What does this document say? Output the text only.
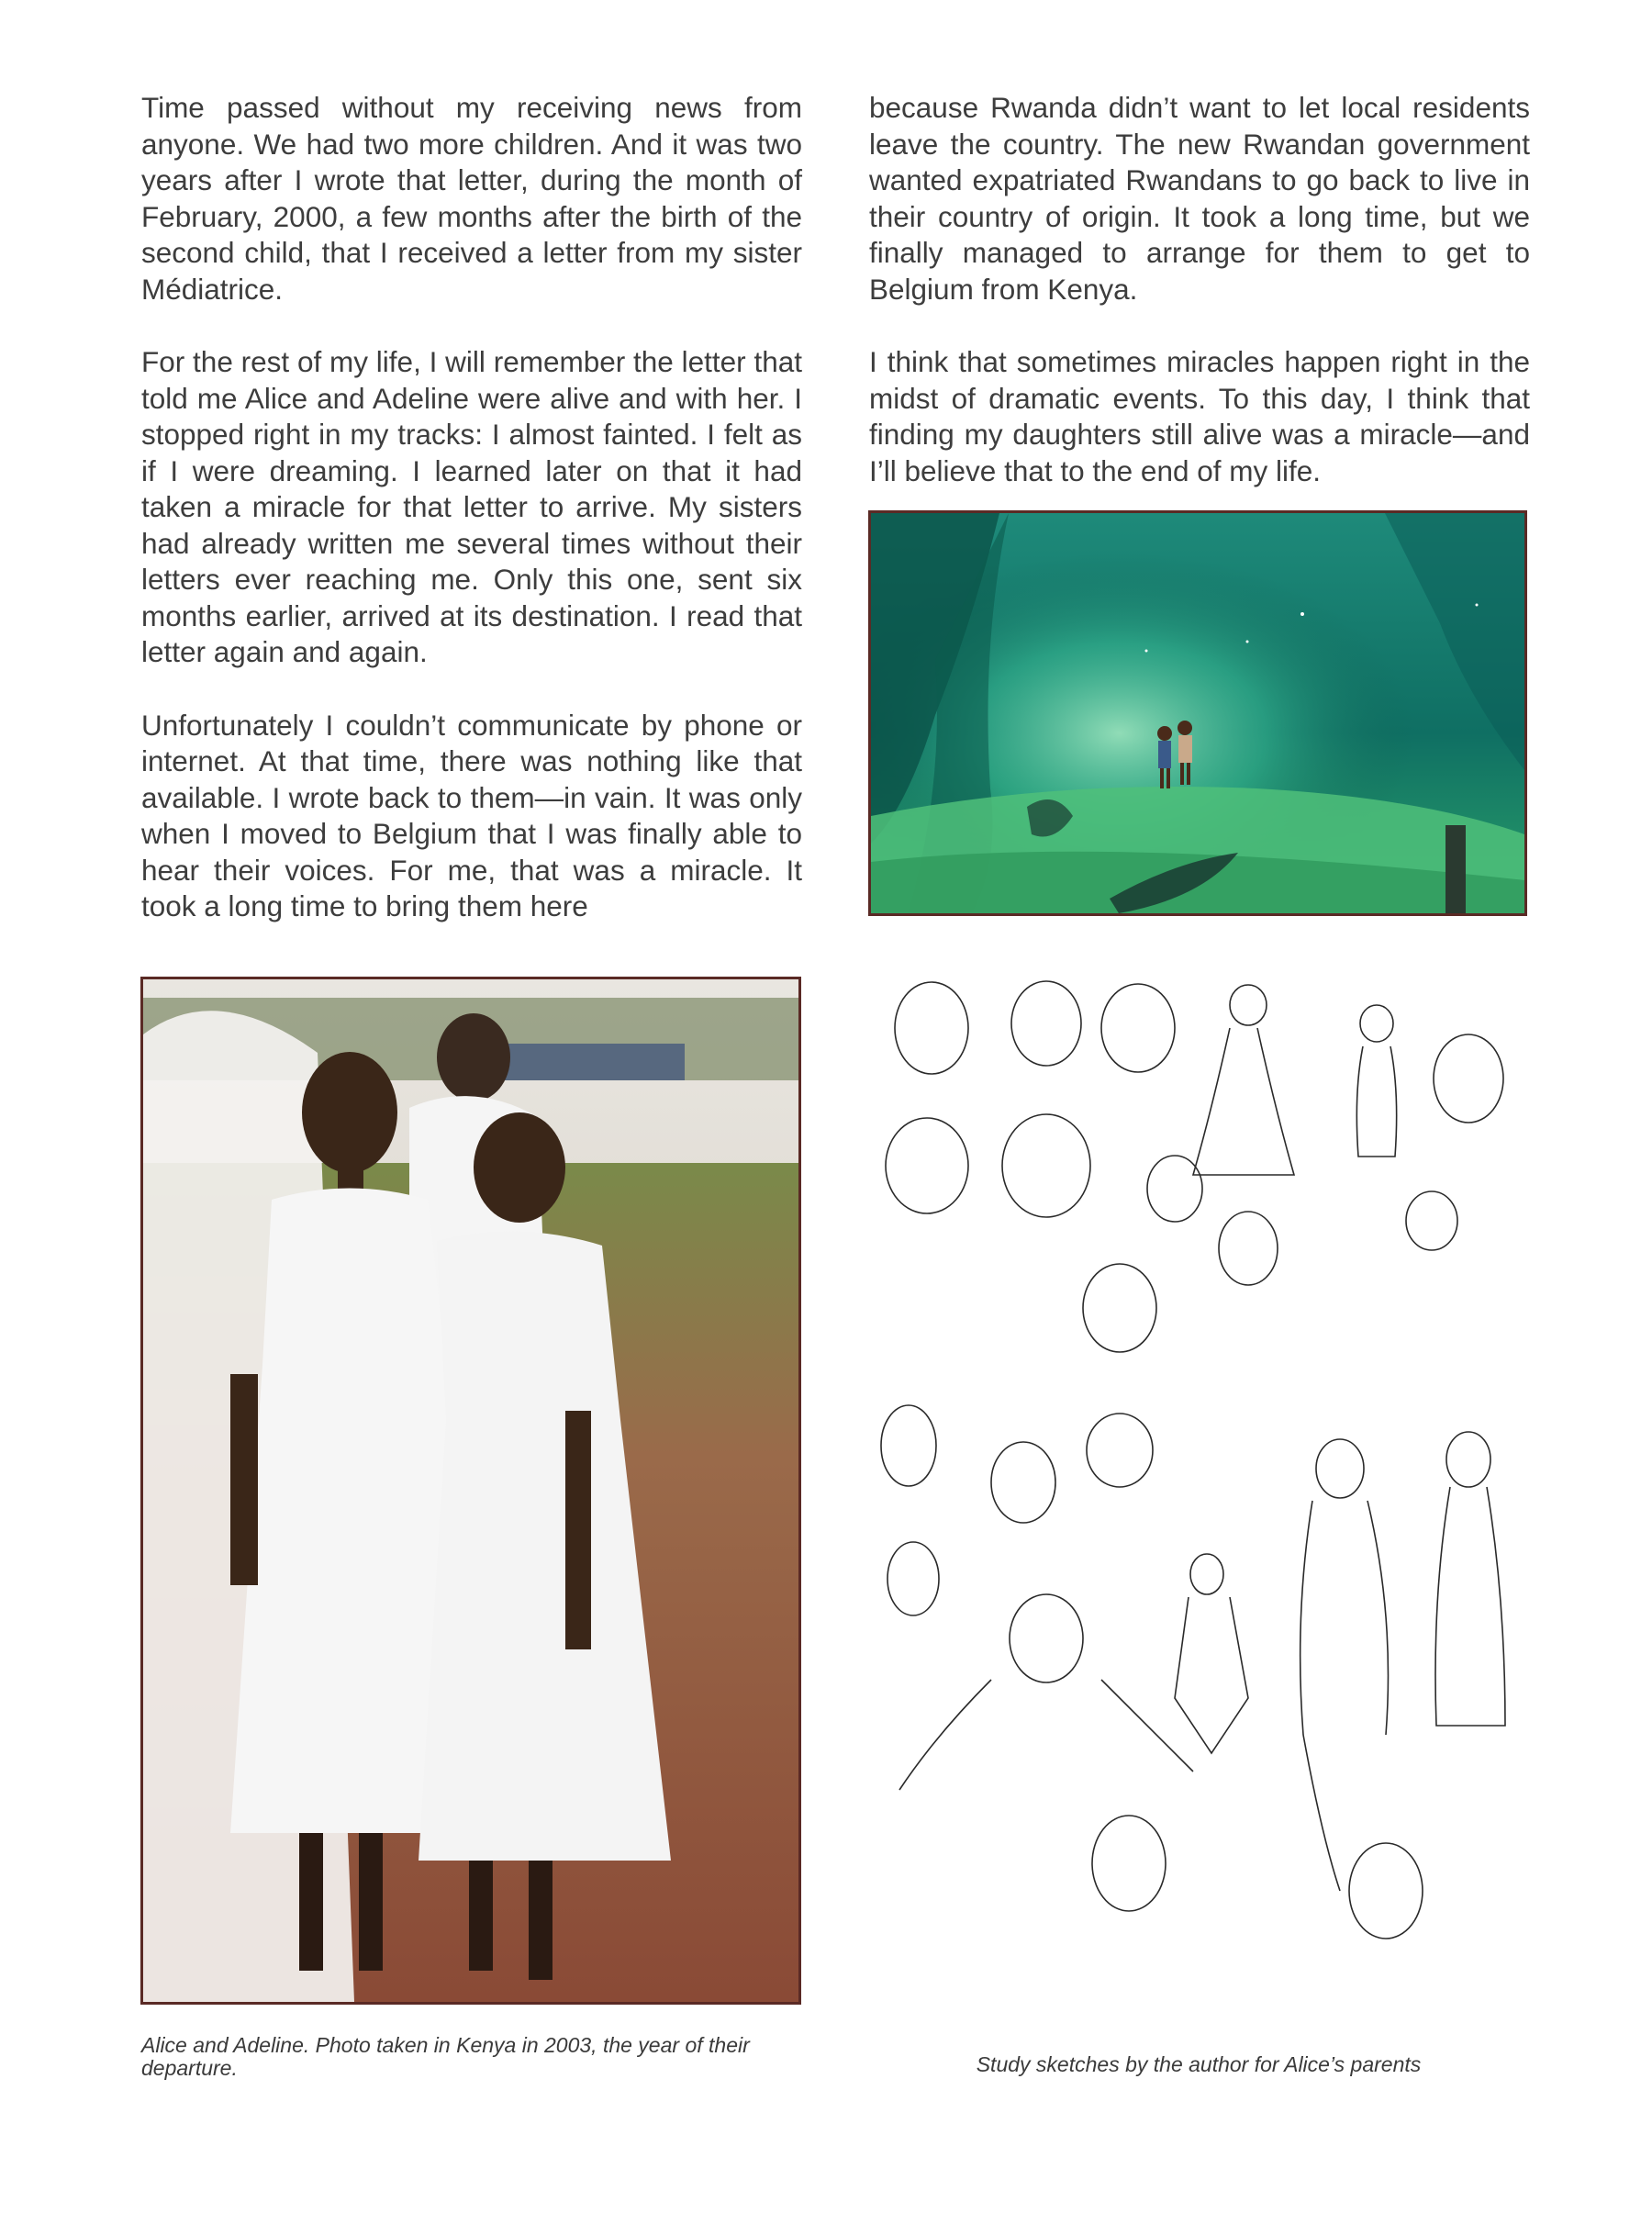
Time passed without my receiving news from anyone. We had two more children. And it was two years after I wrote that letter, during the month of February, 2000, a few months after the birth of the second child, that I received a letter from my sister Médiatrice.

For the rest of my life, I will remember the letter that told me Alice and Adeline were alive and with her. I stopped right in my tracks: I almost fainted. I felt as if I were dreaming. I learned later on that it had taken a miracle for that letter to arrive. My sisters had already written me several times without their letters ever reaching me. Only this one, sent six months earlier, arrived at its destination. I read that letter again and again.

Unfortunately I couldn’t communicate by phone or internet. At that time, there was nothing like that available. I wrote back to them—in vain. It was only when I moved to Belgium that I was finally able to hear their voices. For me, that was a miracle. It took a long time to bring them here

because Rwanda didn’t want to let local residents leave the country. The new Rwandan government wanted expatriated Rwandans to go back to live in their country of origin. It took a long time, but we finally managed to arrange for them to get to Belgium from Kenya.

I think that sometimes miracles happen right in the midst of dramatic events. To this day, I think that finding my daughters still alive was a miracle—and I’ll believe that to the end of my life.

Alice and Adeline. Photo taken in Kenya in 2003, the year of their departure.	Study sketches by the author for Alice’s parents
